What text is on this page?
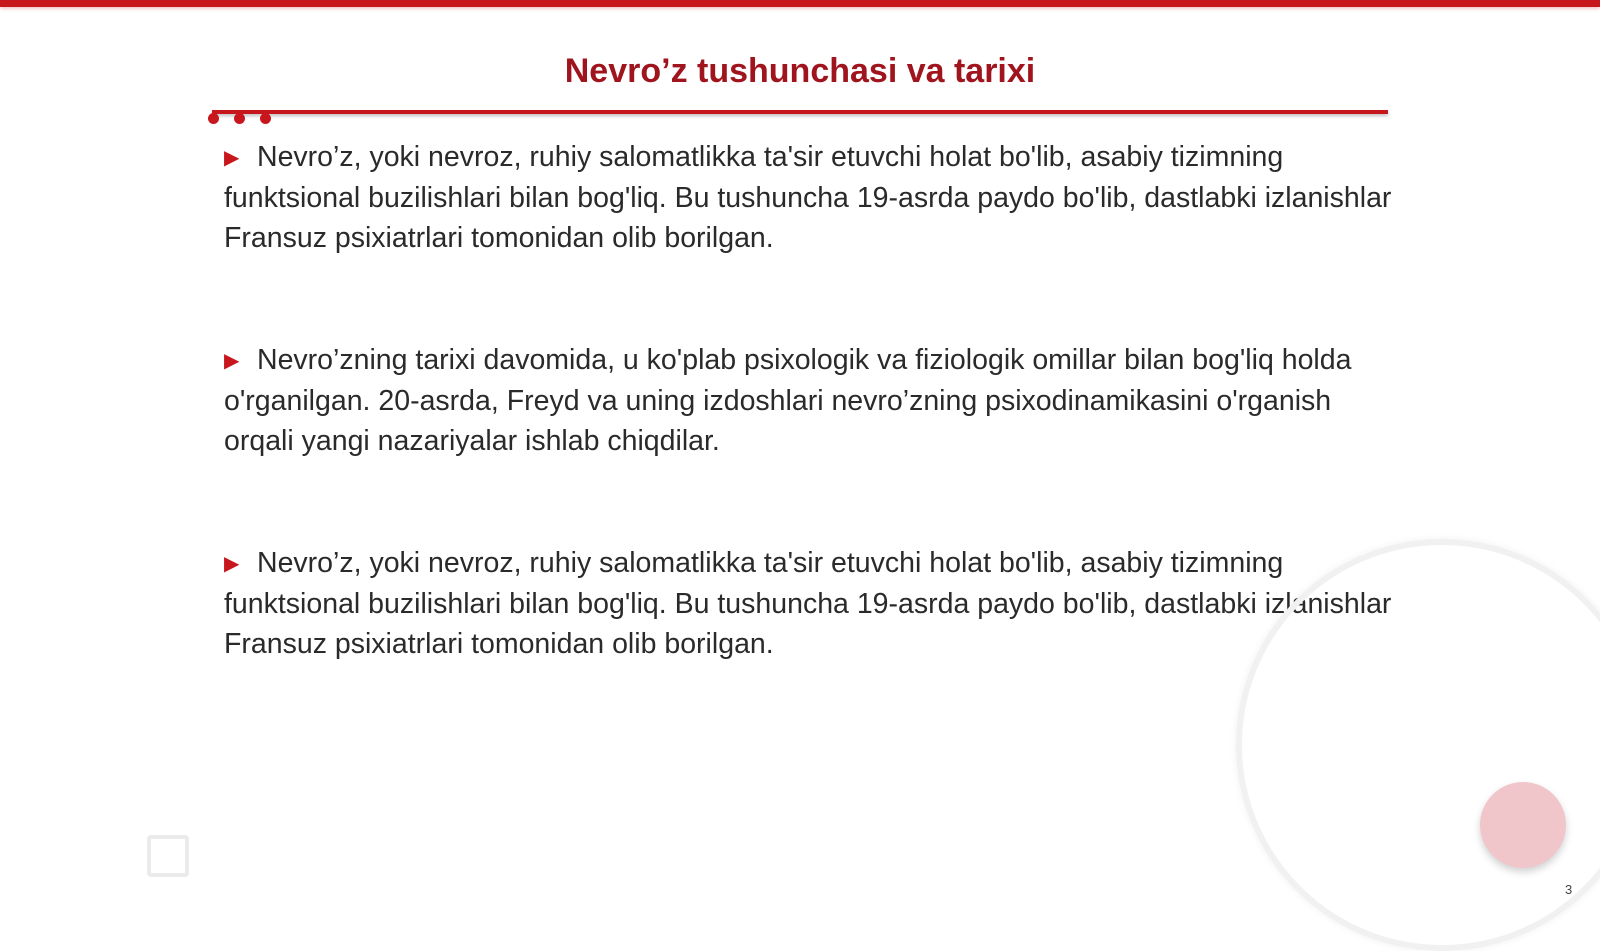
Nevro’z tushunchasi va tarixi

▶ Nevro’z, yoki nevroz, ruhiy salomatlikka ta'sir etuvchi holat bo'lib, asabiy tizimning funktsional buzilishlari bilan bog'liq. Bu tushuncha 19-asrda paydo bo'lib, dastlabki izlanishlar Fransuz psixiatrlari tomonidan olib borilgan.

▶ Nevro’zning tarixi davomida, u ko'plab psixologik va fiziologik omillar bilan bog'liq holda o'rganilgan. 20-asrda, Freyd va uning izdoshlari nevro’zning psixodinamikasini o'rganish orqali yangi nazariyalar ishlab chiqdilar.

▶ Nevro’z, yoki nevroz, ruhiy salomatlikka ta'sir etuvchi holat bo'lib, asabiy tizimning funktsional buzilishlari bilan bog'liq. Bu tushuncha 19-asrda paydo bo'lib, dastlabki izlanishlar Fransuz psixiatrlari tomonidan olib borilgan.

3
